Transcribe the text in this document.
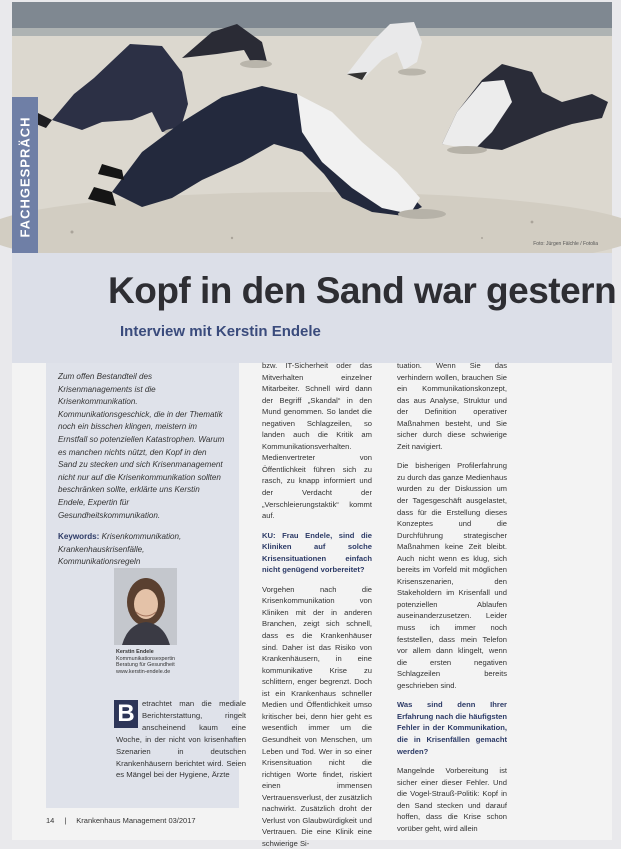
Foto: Jürgen Fälchle / Fotolia
FACHGESPRÄCH
Kopf in den Sand war gestern
Interview mit Kerstin Endele

Zum offen Bestandteil des Krisenmanagements ist die Krisenkommunikation. Kommunikationsgeschick, die in der Thematik noch ein bisschen klingen, meistern im Ernstfall so potenziellen Katastrophen. Warum es manchen nichts nützt, den Kopf in den Sand zu stecken und sich Krisenmanagement nicht nur auf die Krisenkommunikation sollten beschränken sollte, erklärte uns Kerstin Endele, Expertin für Gesundheitskommunikation.

Keywords: Krisenkommunikation, Krankenhauskrisenfälle, Kommunikationsregeln

Kerstin Endele
Kommunikationsexpertin
Beratung für Gesundheit
www.kerstin-endele.de
B etrachtet man die mediale Berichterstattung, ringelt anscheinend kaum eine Woche, in der nicht von krisenhaften Szenarien in deutschen Krankenhäusern berichtet wird. Seien es Mängel bei der Hygiene, Ärzte

bzw. IT-Sicherheit oder das Mitverhalten einzelner Mitarbeiter. Schnell wird dann der Begriff „Skandal“ in den Mund genommen. So landet die negativen Schlagzeilen, so landen auch die Kritik am Kommunikationsverhalten. Medienvertreter von Öffentlichkeit führen sich zu rasch, zu knapp informiert und der Verdacht der „Verschleierungstaktik“ kommt auf.

KU: Frau Endele, sind die Kliniken auf solche Krisensituationen einfach nicht genügend vorbereitet?

Vorgehen nach die Krisenkommunikation von Kliniken mit der in anderen Branchen, zeigt sich schnell, dass es die Krankenhäuser sind. Daher ist das Risiko von Krankenhäusern, in eine kommunikative Krise zu schlittern, enger begrenzt. Doch ist ein Krankenhaus schneller Medien und Öffentlichkeit umso kritischer bei, denn hier geht es wesentlich immer um die Gesundheit von Menschen, um Leben und Tod. Wer in so einer Krisensituation nicht die richtigen Worte findet, riskiert einen immensen Vertrauensverlust, der zusätzlich nachwirkt. Zusätzlich droht der Verlust von Glaubwürdigkeit und Vertrauen. Die eine Klinik eine schwierige Si-

tuation. Wenn Sie das verhindern wollen, brauchen Sie ein Kommunikationskonzept, das aus Analyse, Struktur und der Definition operativer Maßnahmen besteht, und Sie sicher durch diese schwierige Zeit navigiert.

Die bisherigen Profilerfahrung zu durch das ganze Medienhaus wurden zu der Diskussion um der Tagesgeschäft ausgelastet, dass für die Erstellung dieses Konzeptes und die Durchführung strategischer Maßnahmen keine Zeit bleibt. Auch nicht wenn es klug, sich bereits im Vorfeld mit möglichen Krisenszenarien, den Stakeholdern im Krisenfall und potenziellen Ablaufen auseinanderzusetzen. Leider muss ich immer noch feststellen, dass mein Telefon vor allem dann klingelt, wenn die ersten negativen Schlagzeilen bereits geschrieben sind.

Was sind denn Ihrer Erfahrung nach die häufigsten Fehler in der Kommunikation, die in Krisenfällen gemacht werden?

Mangelnde Vorbereitung ist sicher einer dieser Fehler. Und die Vogel-Strauß-Politik: Kopf in den Sand stecken und darauf hoffen, dass die Krise schon vorüber geht, wird allein

14 | Krankenhaus Management 03/2017
